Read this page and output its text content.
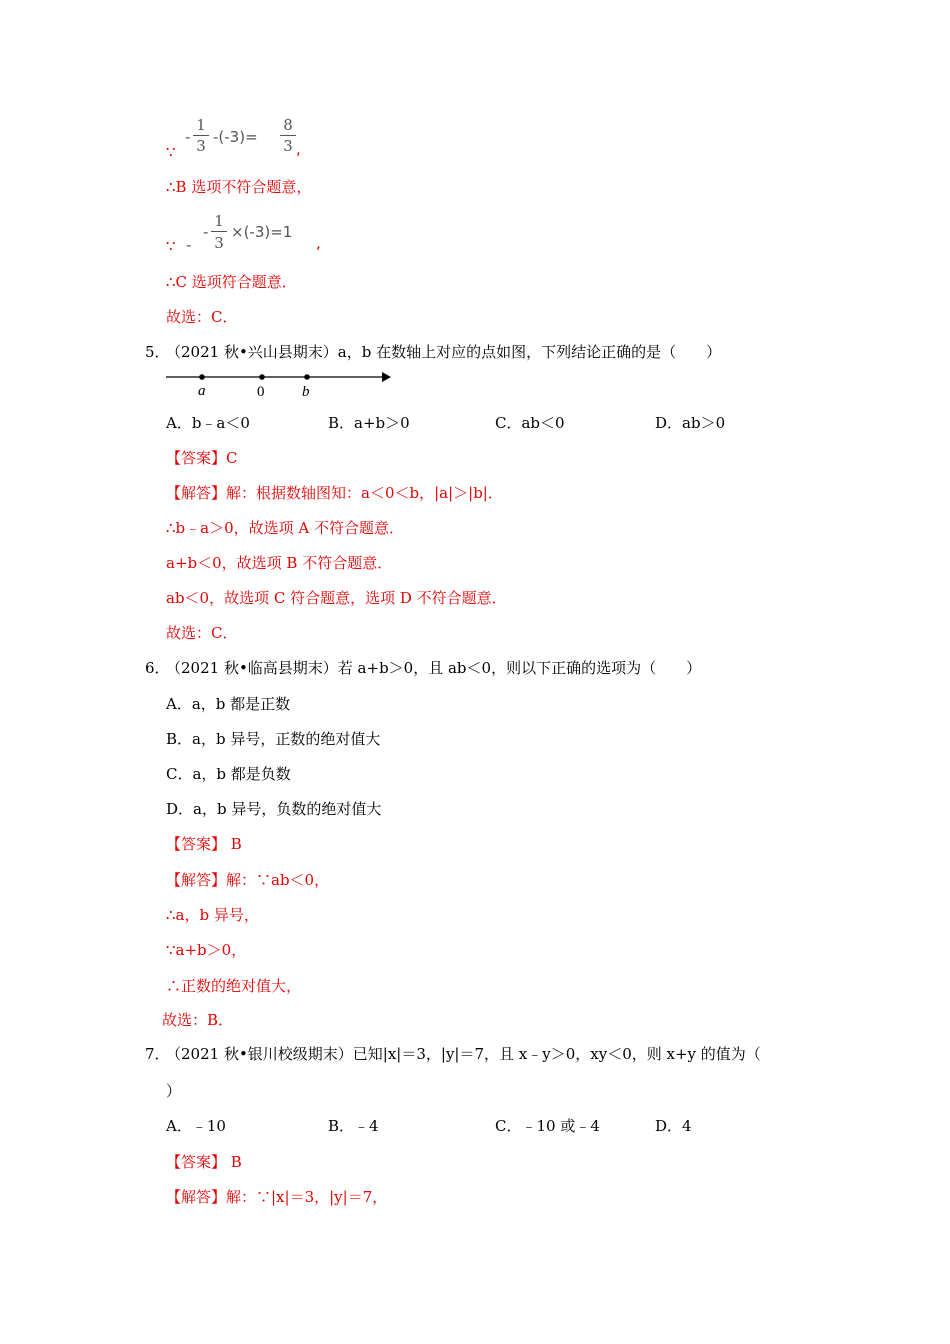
∵
-
1
3 -(-3)=
8
3 ,
∴B 选项不符合题意，
∵ -
1
3
- ×(-3)=1
,
∴C 选项符合题意．
故选：C．
5．
（2021 秋•兴山县期末）a，b 在数轴上对应的点如图，下列结论正确的是（　　）
a	0	b
A．b﹣a＜0	B．a+b＞0	C．ab＜0	D．ab＞0
【答案】C
【解答】解：根据数轴图知：a＜0＜b，|a|＞|b|．
∴b﹣a＞0，故选项 A 不符合题意．
a+b＜0，故选项 B 不符合题意．
ab＜0，故选项 C 符合题意，选项 D 不符合题意．
故选：C．
6．
（2021 秋•临高县期末）若 a+b＞0，且 ab＜0，则以下正确的选项为（　　）
A．a，b 都是正数
B．a，b 异号，正数的绝对值大
C．a，b 都是负数
D．a，b 异号，负数的绝对值大
【答案】 B
【解答】解：∵ab＜0，
∴a，b 异号，
∵a+b＞0，
∴正数的绝对值大，
故选：B．
7．
（2021 秋•银川校级期末）已知|x|＝3，|y|＝7，且 x﹣y＞0，xy＜0，则 x+y 的值为（
）
A．﹣10	B．﹣4	C．﹣10 或﹣4	D．4
【答案】 B
【解答】解：∵|x|＝3，|y|＝7，
